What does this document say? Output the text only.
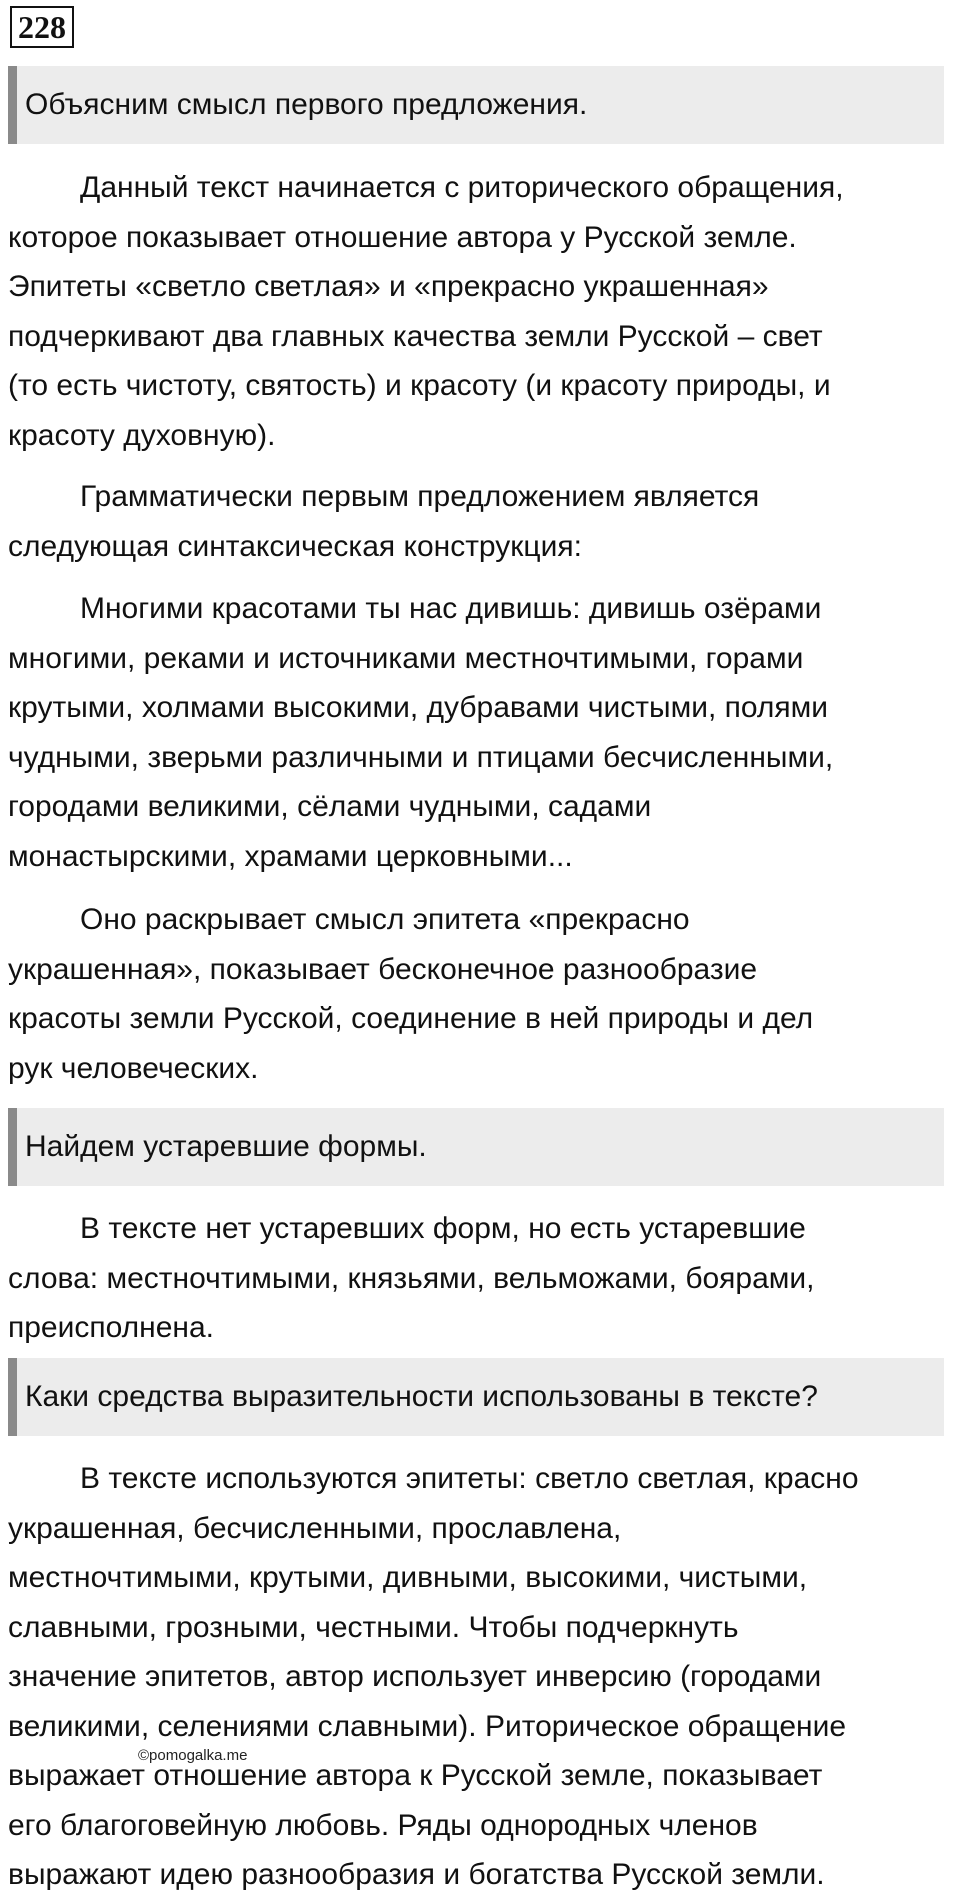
228
Объясним смысл первого предложения.
Данный текст начинается с риторического обращения,
которое показывает отношение автора у Русской земле.
Эпитеты «светло светлая» и «прекрасно украшенная»
подчеркивают два главных качества земли Русской – свет
(то есть чистоту, святость) и красоту (и красоту природы, и
красоту духовную).
Грамматически первым предложением является
следующая синтаксическая конструкция:
Многими красотами ты нас дивишь: дивишь озёрами
многими, реками и источниками местночтимыми, горами
крутыми, холмами высокими, дубравами чистыми, полями
чудными, зверьми различными и птицами бесчисленными,
городами великими, сёлами чудными, садами
монастырскими, храмами церковными...
Оно раскрывает смысл эпитета «прекрасно
украшенная», показывает бесконечное разнообразие
красоты земли Русской, соединение в ней природы и дел
рук человеческих.
Найдем устаревшие формы.
В тексте нет устаревших форм, но есть устаревшие
слова: местночтимыми, князьями, вельможами, боярами,
преисполнена.
Каки средства выразительности использованы в тексте?
В тексте используются эпитеты: светло светлая, красно
украшенная, бесчисленными, прославлена,
местночтимыми, крутыми, дивными, высокими, чистыми,
славными, грозными, честными. Чтобы подчеркнуть
значение эпитетов, автор использует инверсию (городами
великими, селениями славными). Риторическое обращение
выражает отношение автора к Русской земле, показывает
его благоговейную любовь. Ряды однородных членов
выражают идею разнообразия и богатства Русской земли.
©pomogalka.me
